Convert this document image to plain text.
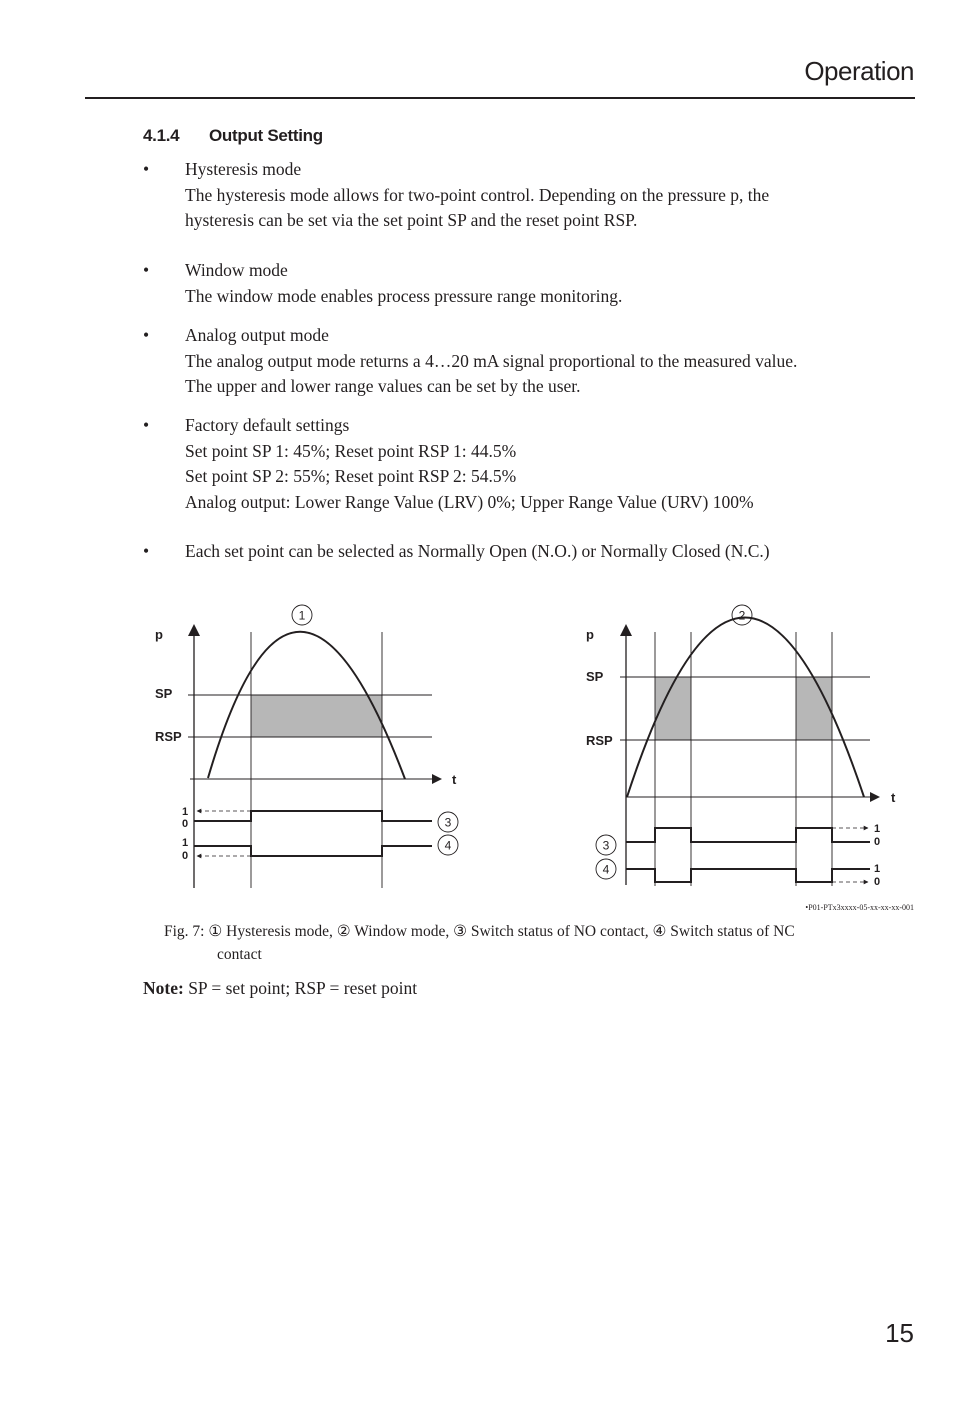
Operation
4.1.4 Output Setting
• Hysteresis mode
The hysteresis mode allows for two-point control. Depending on the pressure p, the
hysteresis can be set via the set point SP and the reset point RSP.
• Window mode
The window mode enables process pressure range monitoring.
• Analog output mode
The analog output mode returns a 4…20 mA signal proportional to the measured value.
The upper and lower range values can be set by the user.
• Factory default settings
Set point SP 1: 45%; Reset point RSP 1: 44.5%
Set point SP 2: 55%; Reset point RSP 2: 54.5%
Analog output: Lower Range Value (LRV) 0%; Upper Range Value (URV) 100%
• Each set point can be selected as Normally Open (N.O.) or Normally Closed (N.C.)
1
3
4
p
SP
RSP
t
1
0
1
0
2
3
4
p
SP
RSP
t
1
0
1
0
•P01-PTx3xxxx-05-xx-xx-xx-001
Fig. 7: ① Hysteresis mode, ② Window mode, ③ Switch status of NO contact, ④ Switch status of NC
contact
Note: SP = set point; RSP = reset point
15
